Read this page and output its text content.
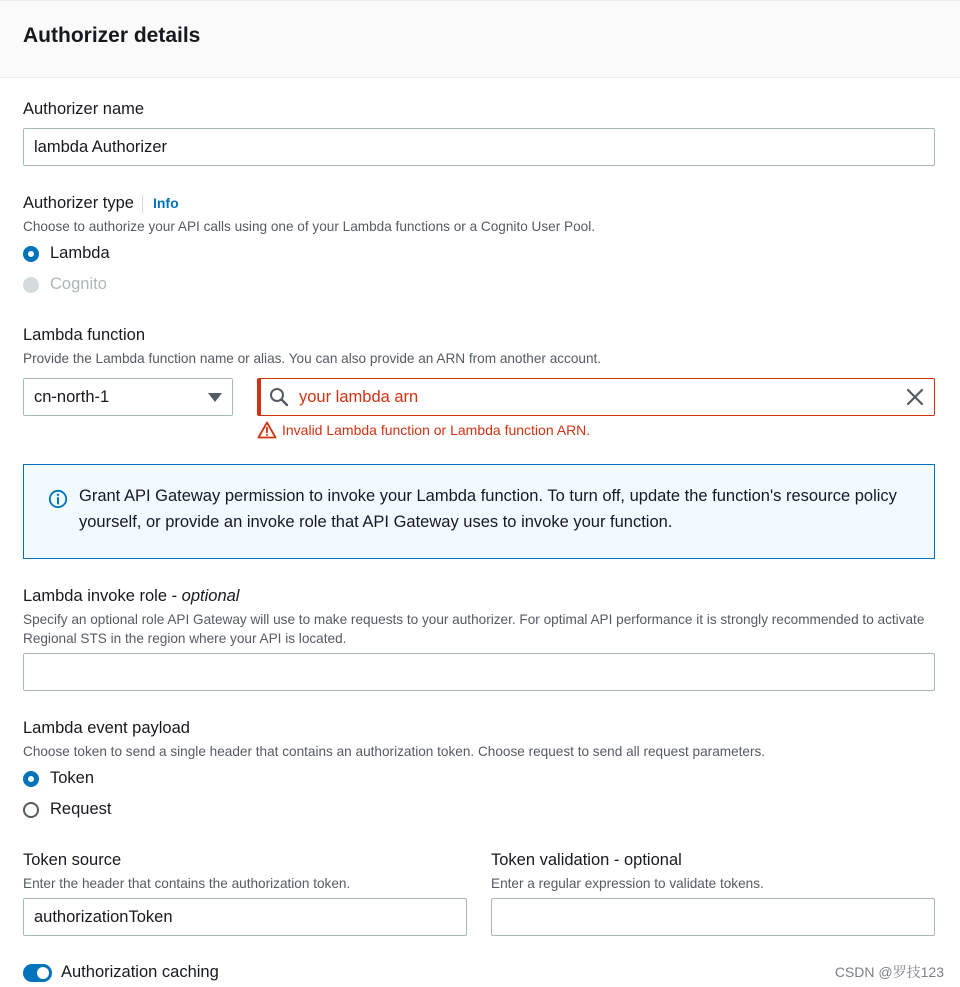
Authorizer details
Authorizer name
lambda Authorizer
Authorizer type Info
Choose to authorize your API calls using one of your Lambda functions or a Cognito User Pool.
Lambda
Cognito
Lambda function
Provide the Lambda function name or alias. You can also provide an ARN from another account.
cn-north-1	your lambda arn
Invalid Lambda function or Lambda function ARN.
Grant API Gateway permission to invoke your Lambda function. To turn off, update the function's resource policy yourself, or provide an invoke role that API Gateway uses to invoke your function.
Lambda invoke role - optional
Specify an optional role API Gateway will use to make requests to your authorizer. For optimal API performance it is strongly recommended to activate Regional STS in the region where your API is located.
Lambda event payload
Choose token to send a single header that contains an authorization token. Choose request to send all request parameters.
Token
Request
Token source
Enter the header that contains the authorization token.
authorizationToken
Token validation - optional
Enter a regular expression to validate tokens.
Authorization caching	CSDN @罗技123
